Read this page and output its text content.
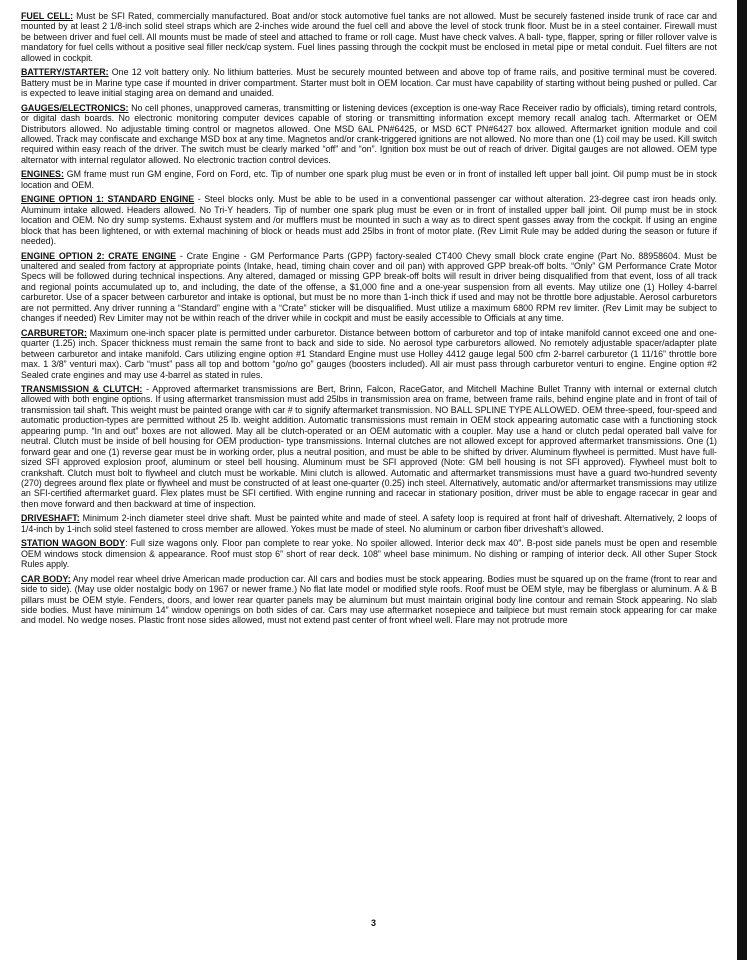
FUEL CELL: Must be SFI Rated, commercially manufactured. Boat and/or stock automotive fuel tanks are not allowed. Must be securely fastened inside trunk of race car and mounted by at least 2 1/8-inch solid steel straps which are 2-inches wide around the fuel cell and above the level of stock trunk floor. Must be in a steel container. Firewall must be between driver and fuel cell. All mounts must be made of steel and attached to frame or roll cage. Must have check valves. A ball- type, flapper, spring or filler rollover valve is mandatory for fuel cells without a positive seal filler neck/cap system. Fuel lines passing through the cockpit must be enclosed in metal pipe or metal conduit. Fuel filters are not allowed in cockpit.

BATTERY/STARTER: One 12 volt battery only. No lithium batteries. Must be securely mounted between and above top of frame rails, and positive terminal must be covered. Battery must be in Marine type case if mounted in driver compartment. Starter must bolt in OEM location. Car must have capability of starting without being pushed or pulled. Car is expected to leave initial staging area on demand and unaided.

GAUGES/ELECTRONICS: No cell phones, unapproved cameras, transmitting or listening devices (exception is one-way Race Receiver radio by officials), timing retard controls, or digital dash boards. No electronic monitoring computer devices capable of storing or transmitting information except memory recall analog tach. Aftermarket or OEM Distributors allowed. No adjustable timing control or magnetos allowed. One MSD 6AL PN#6425, or MSD 6CT PN#6427 box allowed. Aftermarket ignition module and coil allowed. Track may confiscate and exchange MSD box at any time. Magnetos and/or crank-triggered ignitions are not allowed. No more than one (1) coil may be used. Kill switch required within easy reach of the driver. The switch must be clearly marked “off” and “on”. Ignition box must be out of reach of driver. Digital gauges are not allowed. OEM type alternator with internal regulator allowed. No electronic traction control devices.

ENGINES: GM frame must run GM engine, Ford on Ford, etc. Tip of number one spark plug must be even or in front of installed left upper ball joint. Oil pump must be in stock location and OEM.

ENGINE OPTION 1: STANDARD ENGINE - Steel blocks only. Must be able to be used in a conventional passenger car without alteration. 23-degree cast iron heads only. Aluminum intake allowed. Headers allowed. No Tri-Y headers. Tip of number one spark plug must be even or in front of installed upper ball joint. Oil pump must be in stock location and OEM. No dry sump systems. Exhaust system and /or mufflers must be mounted in such a way as to direct spent gasses away from the cockpit. If using an engine block that has been lightened, or with external machining of block or heads must add 25lbs in front of motor plate. (Rev Limit Rule may be added during the season or future if needed).

ENGINE OPTION 2: CRATE ENGINE - Crate Engine - GM Performance Parts (GPP) factory-sealed CT400 Chevy small block crate engine (Part No. 88958604. Must be unaltered and sealed from factory at appropriate points (Intake, head, timing chain cover and oil pan) with approved GPP break-off bolts. “Only” GM Performance Crate Motor Specs will be followed during technical inspections. Any altered, damaged or missing GPP break-off bolts will result in driver being disqualified from that event, loss of all track and regional points accumulated up to, and including, the date of the offense, a $1,000 fine and a one-year suspension from all events. May utilize one (1) Holley 4-barrel carburetor. Use of a spacer between carburetor and intake is optional, but must be no more than 1-inch thick if used and may not be throttle bore adjustable. Aerosol carburetors are not permitted. Any driver running a “Standard” engine with a “Crate” sticker will be disqualified. Must utilize a maximum 6800 RPM rev limiter. (Rev Limit may be subject to changes if needed) Rev Limiter may not be within reach of the driver while in cockpit and must be easily accessible to Officials at any time.

CARBURETOR: Maximum one-inch spacer plate is permitted under carburetor. Distance between bottom of carburetor and top of intake manifold cannot exceed one and one-quarter (1.25) inch. Spacer thickness must remain the same front to back and side to side. No aerosol type carburetors allowed. No remotely adjustable spacer/adapter plate between carburetor and intake manifold. Cars utilizing engine option #1 Standard Engine must use Holley 4412 gauge legal 500 cfm 2-barrel carburetor (1 11/16” throttle bore max. 1 3/8” venturi max). Carb “must” pass all top and bottom “go/no go” gauges (boosters included). All air must pass through carburetor venturi to engine. Engine option #2 Sealed crate engines and may use 4-barrel as stated in rules.

TRANSMISSION & CLUTCH: - Approved aftermarket transmissions are Bert, Brinn, Falcon, RaceGator, and Mitchell Machine Bullet Tranny with internal or external clutch allowed with both engine options. If using aftermarket transmission must add 25lbs in transmission area on frame, between frame rails, behind engine plate and in front of tail of transmission tail shaft. This weight must be painted orange with car # to signify aftermarket transmission. NO BALL SPLINE TYPE ALLOWED. OEM three-speed, four-speed and automatic production-types are permitted without 25 lb. weight addition. Automatic transmissions must remain in OEM stock appearing automatic case with a functioning stock appearing pump. “In and out” boxes are not allowed. May all be clutch-operated or an OEM automatic with a coupler. May use a hand or clutch pedal operated ball valve for neutral. Clutch must be inside of bell housing for OEM production- type transmissions. Internal clutches are not allowed except for approved aftermarket transmissions. One (1) forward gear and one (1) reverse gear must be in working order, plus a neutral position, and must be able to be shifted by driver. Aluminum flywheel is permitted. Must have full-sized SFI approved explosion proof, aluminum or steel bell housing. Aluminum must be SFI approved (Note: GM bell housing is not SFI approved). Flywheel must bolt to crankshaft. Clutch must bolt to flywheel and clutch must be workable. Mini clutch is allowed. Automatic and aftermarket transmissions must have a guard two-hundred seventy (270) degrees around flex plate or flywheel and must be constructed of at least one-quarter (0.25) inch steel. Alternatively, automatic and/or aftermarket transmissions may utilize an SFI-certified aftermarket guard. Flex plates must be SFI certified. With engine running and racecar in stationary position, driver must be able to engage racecar in gear and then move forward and then backward at time of inspection.

DRIVESHAFT: Minimum 2-inch diameter steel drive shaft. Must be painted white and made of steel. A safety loop is required at front half of driveshaft. Alternatively, 2 loops of 1/4-inch by 1-inch solid steel fastened to cross member are allowed. Yokes must be made of steel. No aluminum or carbon fiber driveshaft’s allowed.

STATION WAGON BODY: Full size wagons only. Floor pan complete to rear yoke. No spoiler allowed. Interior deck max 40”. B-post side panels must be open and resemble OEM windows stock dimension & appearance. Roof must stop 6” short of rear deck. 108” wheel base minimum. No dishing or ramping of interior deck. All other Super Stock Rules apply.

CAR BODY: Any model rear wheel drive American made production car. All cars and bodies must be stock appearing. Bodies must be squared up on the frame (front to rear and side to side). (May use older nostalgic body on 1967 or newer frame.) No flat late model or modified style roofs. Roof must be OEM style, may be fiberglass or aluminum. A & B pillars must be OEM style. Fenders, doors, and lower rear quarter panels may be aluminum but must maintain original body line contour and remain Stock appearing. No slab side bodies. Must have minimum 14” window openings on both sides of car. Cars may use aftermarket nosepiece and tailpiece but must remain stock appearing for car make and model. No wedge noses. Plastic front nose sides allowed, must not extend past center of front wheel well. Flare may not protrude more

3
